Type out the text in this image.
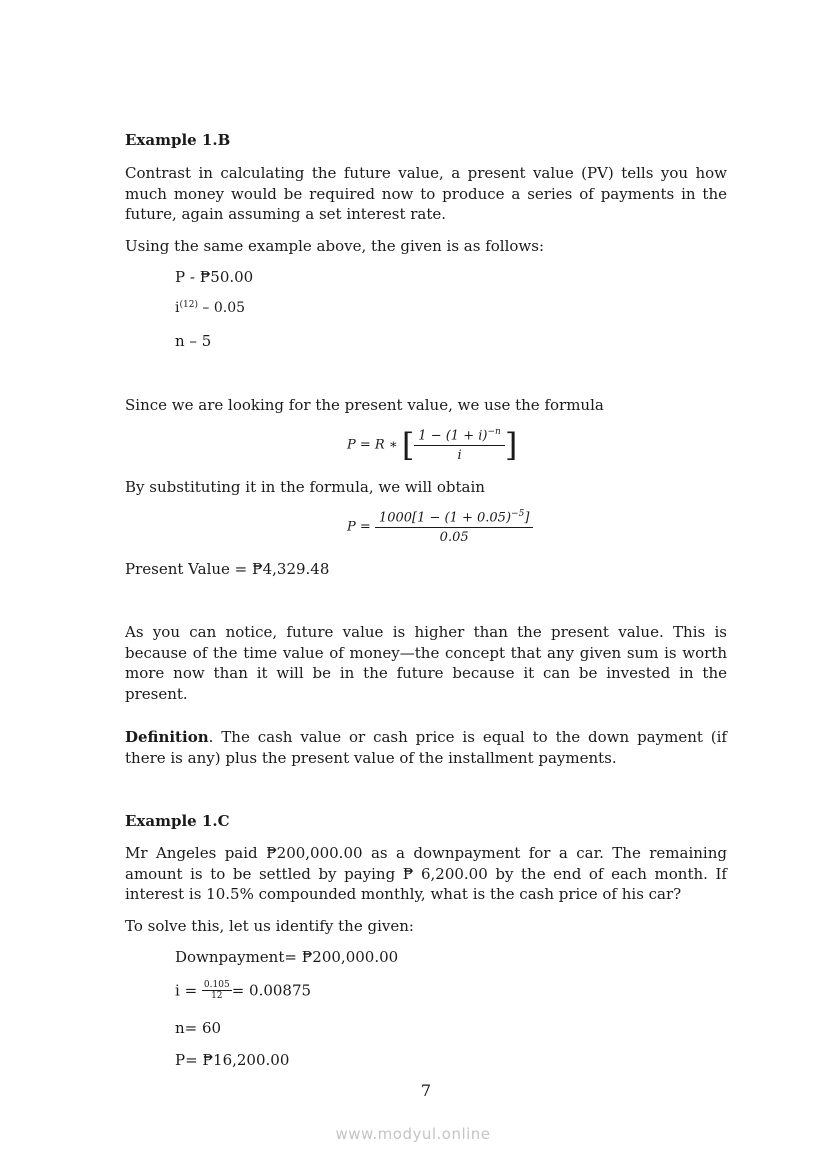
Example 1.B
Contrast in calculating the future value, a present value (PV) tells you how much money would be required now to produce a series of payments in the future, again assuming a set interest rate.
Using the same example above, the given is as follows:
P - ₱50.00
$i^{(12)} - 0.05$
n – 5
Since we are looking for the present value, we use the formula
P = R ∗ [ $\frac{1 - (1 + i)^{-n}}{i}$ ]
By substituting it in the formula, we will obtain
$P = \frac{1000[1 - (1 + 0.05)^{-5}]}{0.05}$
Present Value = ₱4,329.48
As you can notice, future value is higher than the present value. This is because of the time value of money—the concept that any given sum is worth more now than it will be in the future because it can be invested in the present.
Definition. The cash value or cash price is equal to the down payment (if there is any) plus the present value of the installment payments.
Example 1.C
Mr Angeles paid ₱200,000.00 as a downpayment for a car. The remaining amount is to be settled by paying ₱ 6,200.00 by the end of each month. If interest is 10.5% compounded monthly, what is the cash price of his car?
To solve this, let us identify the given:
Downpayment= ₱200,000.00
$i = \frac{0.105}{12} = 0.00875$
n= 60
P= ₱16,200.00
7
www.modyul.online
